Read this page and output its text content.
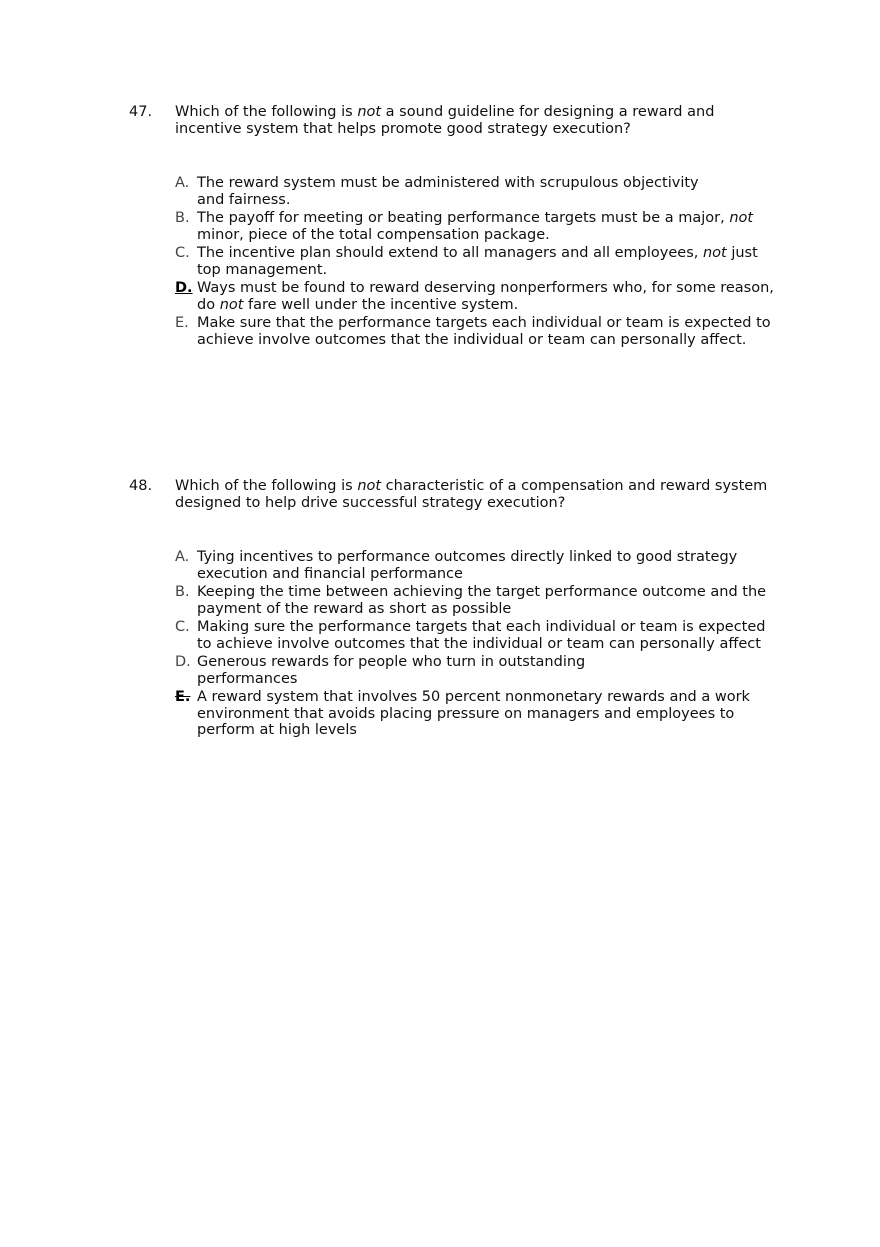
47. Which of the following is not a sound guideline for designing a reward and
incentive system that helps promote good strategy execution?
A. The reward system must be administered with scrupulous objectivity
and fairness.
B. The payoff for meeting or beating performance targets must be a major, not
minor, piece of the total compensation package.
C. The incentive plan should extend to all managers and all employees, not just
top management.
D. Ways must be found to reward deserving nonperformers who, for some reason,
do not fare well under the incentive system.
E. Make sure that the performance targets each individual or team is expected to
achieve involve outcomes that the individual or team can personally affect.
48. Which of the following is not characteristic of a compensation and reward system
designed to help drive successful strategy execution?
A. Tying incentives to performance outcomes directly linked to good strategy
execution and financial performance
B. Keeping the time between achieving the target performance outcome and the
payment of the reward as short as possible
C. Making sure the performance targets that each individual or team is expected
to achieve involve outcomes that the individual or team can personally affect
D. Generous rewards for people who turn in outstanding
performances
E. A reward system that involves 50 percent nonmonetary rewards and a work
environment that avoids placing pressure on managers and employees to
perform at high levels
